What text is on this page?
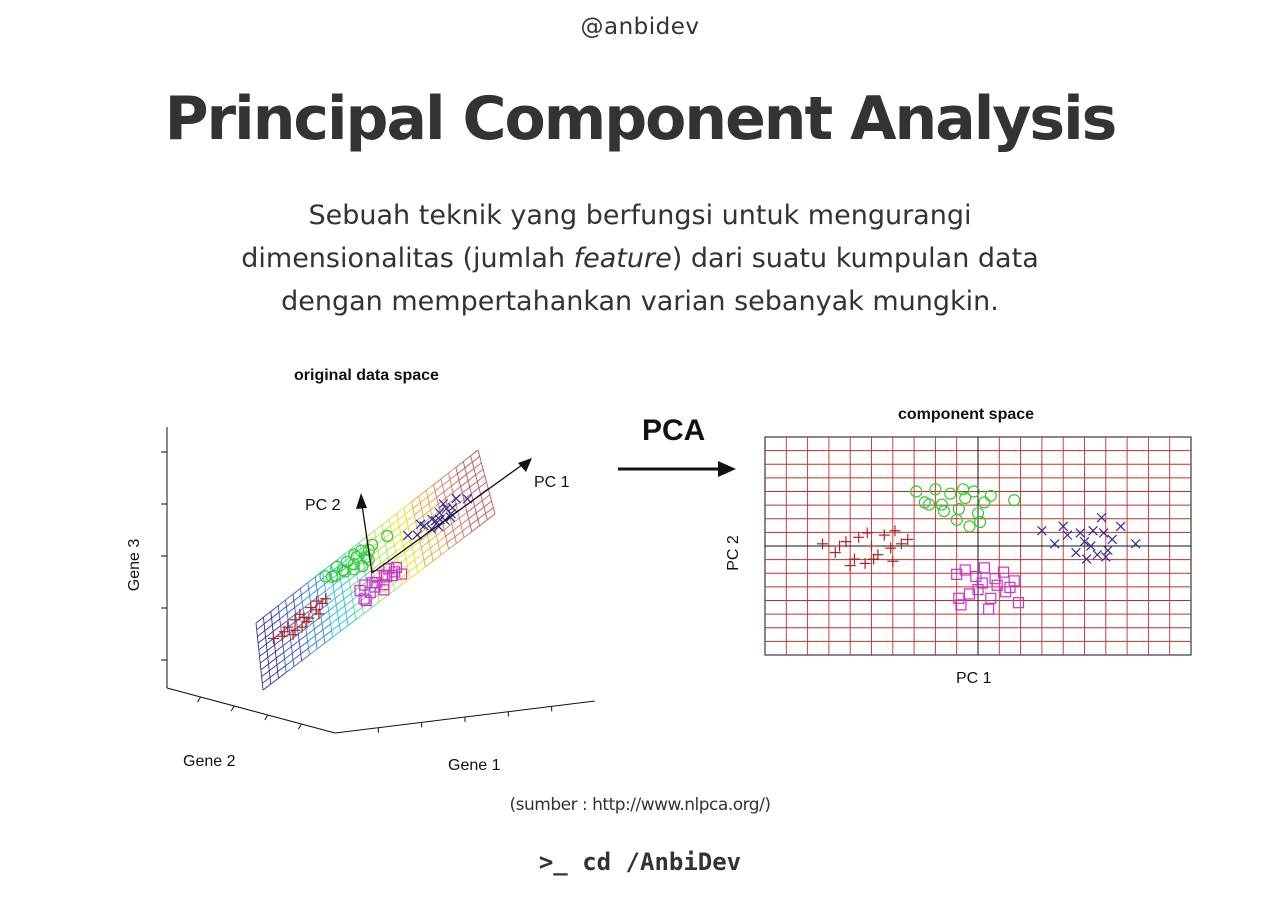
@anbidev
Principal Component Analysis
Sebuah teknik yang berfungsi untuk mengurangi
dimensionalitas (jumlah feature) dari suatu kumpulan data
dengan mempertahankan varian sebanyak mungkin.
original data space
Gene 1
Gene 2
Gene 3
PC 1
PC 2
PCA	component space
PC 1
PC 2
(sumber : http://www.nlpca.org/)
>_ cd /AnbiDev
